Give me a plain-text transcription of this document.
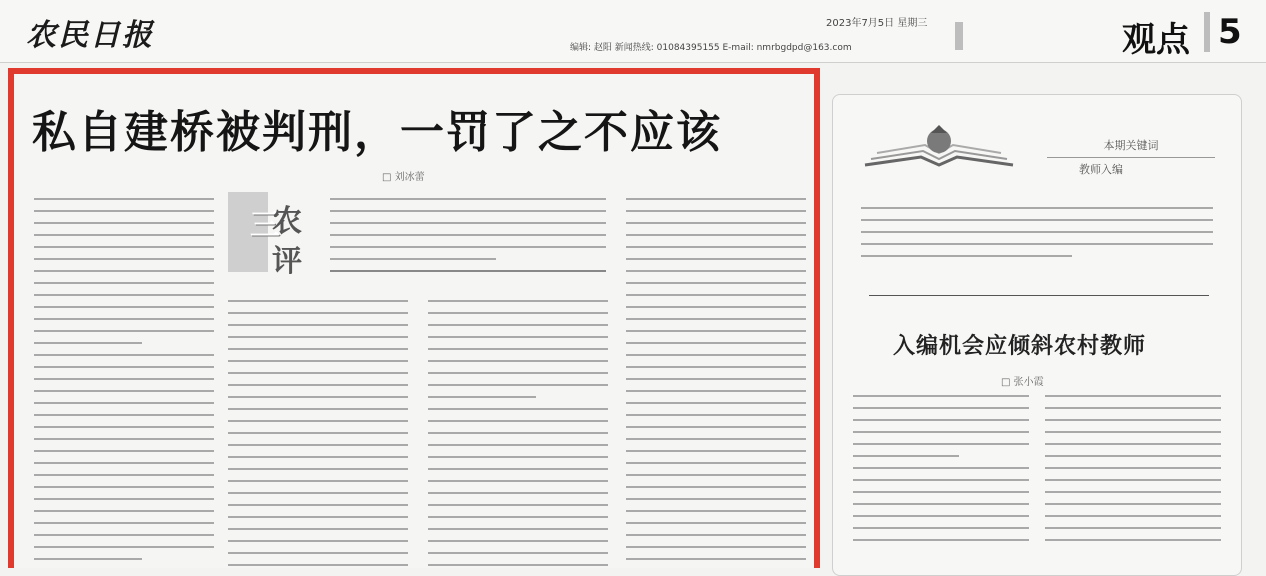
农民日报	2023年7月5日 星期三
编辑: 赵阳 新闻热线: 01084395155 E-mail: nmrbgdpd@163.com	观点 5
私自建桥被判刑，一罚了之不应该
□ 刘冰蕾
三
农
评
本期关键词
教师入编
入编机会应倾斜农村教师
□ 张小霞
